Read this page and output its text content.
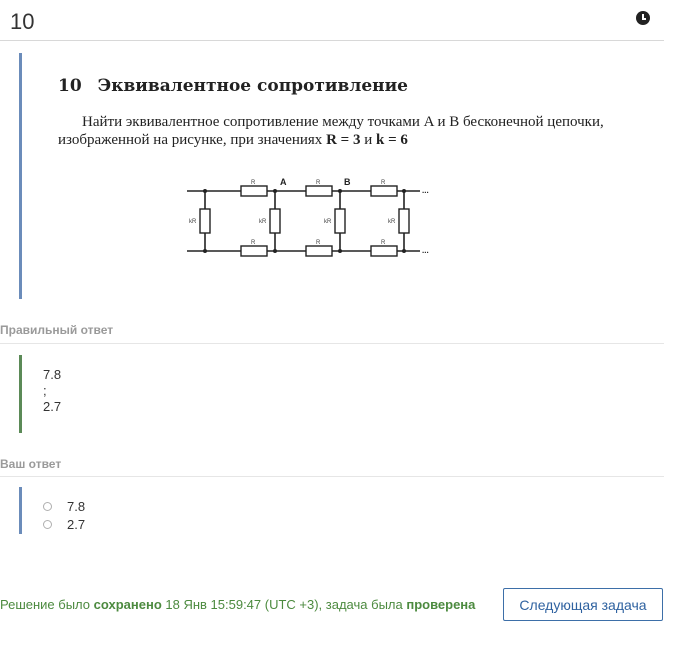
10
10 Эквивалентное сопротивление
Найти эквивалентное сопротивление между точками A и B бесконечной цепочки, изображенной на рисунке, при значениях R = 3 и k = 6
R	R	R
R	R	R
kR	kR	kR	kR
A	B
...
...
Правильный ответ
7.8
;
2.7
Ваш ответ
7.8
2.7
Решение было сохранено 18 Янв 15:59:47 (UTC +3), задача была проверена	Следующая задача
